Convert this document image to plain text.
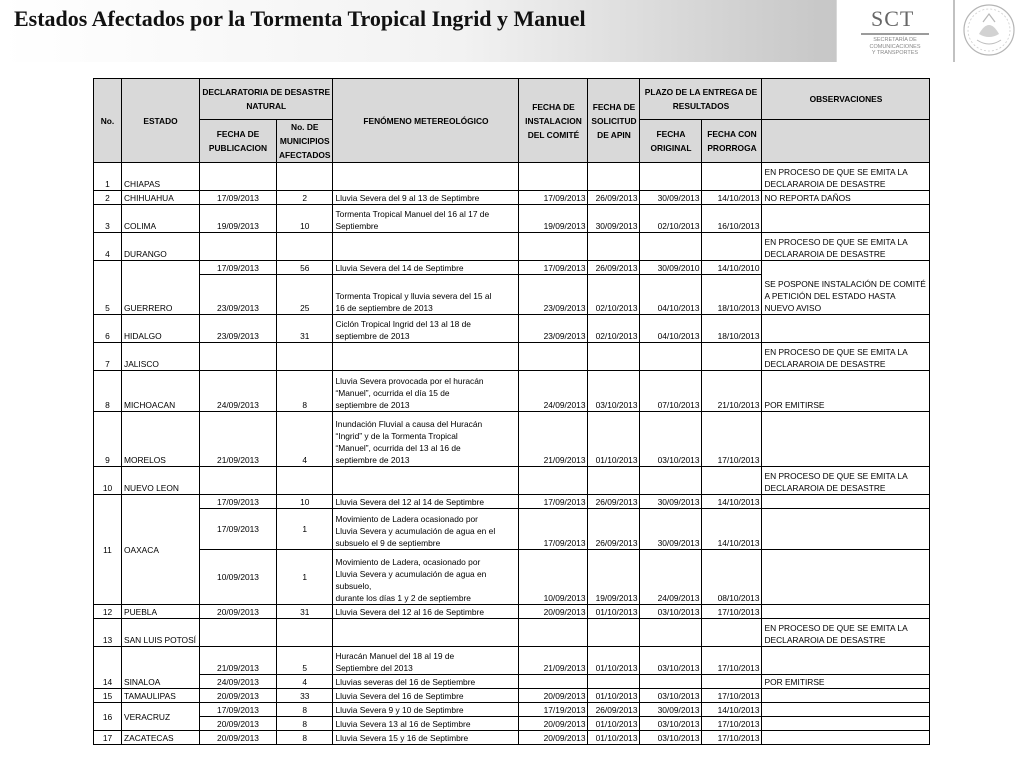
Estados Afectados por la Tormenta Tropical Ingrid y Manuel	SCT
SECRETARÍA DE
COMUNICACIONES
Y TRANSPORTES
No.	ESTADO	DECLARATORIA DE DESASTRE NATURAL		FENÓMENO METEREOLÓGICO	FECHA DE INSTALACION DEL COMITÉ	FECHA DE SOLICITUD DE APIN	PLAZO DE LA ENTREGA DE RESULTADOS		OBSERVACIONES
		FECHA DE PUBLICACION	No. DE MUNICIPIOS AFECTADOS				FECHA ORIGINAL	FECHA CON PRORROGA	
1	CHIAPAS								EN PROCESO DE QUE SE EMITA LA
DECLARAROIA DE DESASTRE

2	CHIHUAHUA	17/09/2013	2	Lluvia Severa del 9 al 13 de Septimbre	17/09/2013	26/09/2013	30/09/2013	14/10/2013	NO REPORTA DAÑOS
3	COLIMA	19/09/2013	10	Tormenta Tropical Manuel del 16 al 17 de
Septiembre	19/09/2013	30/09/2013	02/10/2013	16/10/2013	
4	DURANGO								EN PROCESO DE QUE SE EMITA LA
DECLARAROIA DE DESASTRE

5	GUERRERO	17/09/2013	56	Lluvia Severa del 14 de Septimbre	17/09/2013	26/09/2013	30/09/2010	14/10/2010	SE POSPONE INSTALACIÓN DE COMITÉ
A PETICIÓN DEL ESTADO HASTA
NUEVO AVISO

		23/09/2013	25	Tormenta Tropical y lluvia severa del 15 al
16 de septiembre de 2013	23/09/2013	02/10/2013	04/10/2013	18/10/2013	
6	HIDALGO	23/09/2013	31	Ciclón Tropical Ingrid del 13 al 18 de
septiembre de 2013	23/09/2013	02/10/2013	04/10/2013	18/10/2013	
7	JALISCO								EN PROCESO DE QUE SE EMITA LA
DECLARAROIA DE DESASTRE

8	MICHOACAN	24/09/2013	8	Lluvia Severa provocada por el huracán
“Manuel”, ocurrida el día 15 de
septiembre de 2013	24/09/2013	03/10/2013	07/10/2013	21/10/2013	POR EMITIRSE
9	MORELOS	21/09/2013	4	Inundación Fluvial a causa del Huracán
“Ingrid” y de la Tormenta Tropical
“Manuel”, ocurrida del 13 al 16 de
septiembre de 2013	21/09/2013	01/10/2013	03/10/2013	17/10/2013	
10	NUEVO LEON								EN PROCESO DE QUE SE EMITA LA
DECLARAROIA DE DESASTRE

11	OAXACA	17/09/2013	10	Lluvia Severa del 12 al 14 de Septimbre	17/09/2013	26/09/2013	30/09/2013	14/10/2013	
		17/09/2013	1	Movimiento de Ladera ocasionado por
Lluvia Severa y acumulación de agua en el
subsuelo el 9 de septiembre	17/09/2013	26/09/2013	30/09/2013	14/10/2013	
		10/09/2013	1	Movimiento de Ladera, ocasionado por
Lluvia Severa y acumulación de agua en
subsuelo,
durante los días 1 y 2 de septiembre	10/09/2013	19/09/2013	24/09/2013	08/10/2013	
12	PUEBLA	20/09/2013	31	Lluvia Severa del 12 al 16 de Septimbre	20/09/2013	01/10/2013	03/10/2013	17/10/2013	
13	SAN LUIS POTOSÍ								EN PROCESO DE QUE SE EMITA LA
DECLARAROIA DE DESASTRE

14	SINALOA	21/09/2013	5	Huracán Manuel del 18 al 19 de
Septiembre del 2013	21/09/2013	01/10/2013	03/10/2013	17/10/2013	
		24/09/2013	4	Lluvias severas del 16 de Septiembre					POR EMITIRSE
15	TAMAULIPAS	20/09/2013	33	Lluvia Severa del 16 de Septimbre	20/09/2013	01/10/2013	03/10/2013	17/10/2013	
16	VERACRUZ	17/09/2013	8	Lluvia Severa 9 y 10 de Septimbre	17/19/2013	26/09/2013	30/09/2013	14/10/2013	
		20/09/2013	8	Lluvia Severa 13 al 16 de Septimbre	20/09/2013	01/10/2013	03/10/2013	17/10/2013	
17	ZACATECAS	20/09/2013	8	Lluvia Severa 15 y 16 de Septimbre	20/09/2013	01/10/2013	03/10/2013	17/10/2013	
